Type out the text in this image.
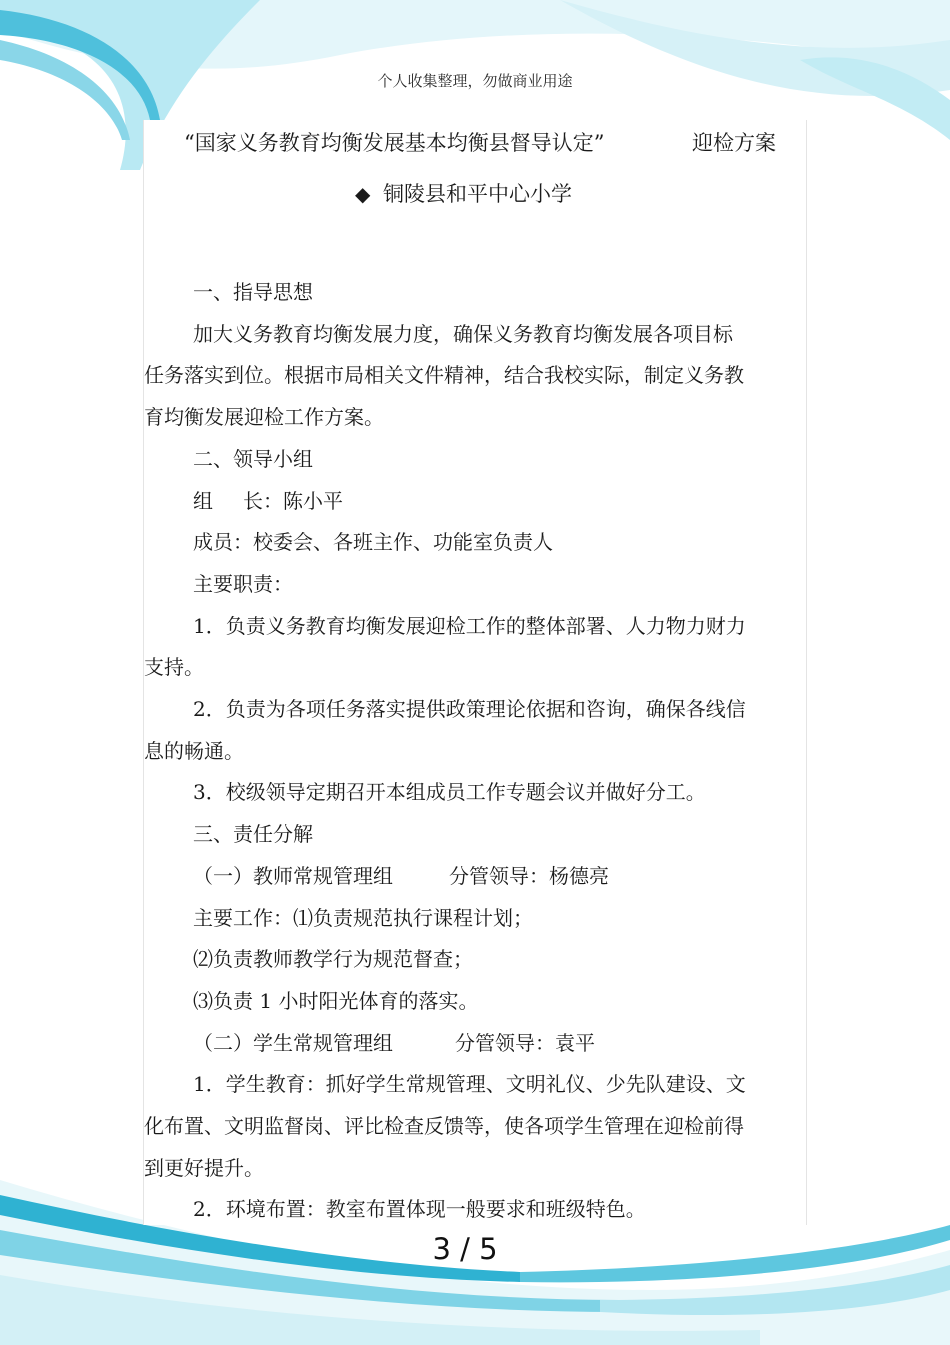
个人收集整理，勿做商业用途
“国家义务教育均衡发展基本均衡县督导认定”	迎检方案
◆ 铜陵县和平中心小学

一、指导思想

加大义务教育均衡发展力度，确保义务教育均衡发展各项目标

任务落实到位。根据市局相关文件精神，结合我校实际，制定义务教

育均衡发展迎检工作方案。

二、领导小组

组 长：陈小平

成员：校委会、各班主作、功能室负责人

主要职责：

1．负责义务教育均衡发展迎检工作的整体部署、人力物力财力

支持。

2．负责为各项任务落实提供政策理论依据和咨询，确保各线信

息的畅通。

3．校级领导定期召开本组成员工作专题会议并做好分工。

三、责任分解

（一）教师常规管理组	分管领导：杨德亮

主要工作：⑴负责规范执行课程计划；

⑵负责教师教学行为规范督查；

⑶负责 1 小时阳光体育的落实。

（二）学生常规管理组	分管领导：袁平

1．学生教育：抓好学生常规管理、文明礼仪、少先队建设、文

化布置、文明监督岗、评比检查反馈等，使各项学生管理在迎检前得

到更好提升。

2．环境布置：教室布置体现一般要求和班级特色。

3 / 5
